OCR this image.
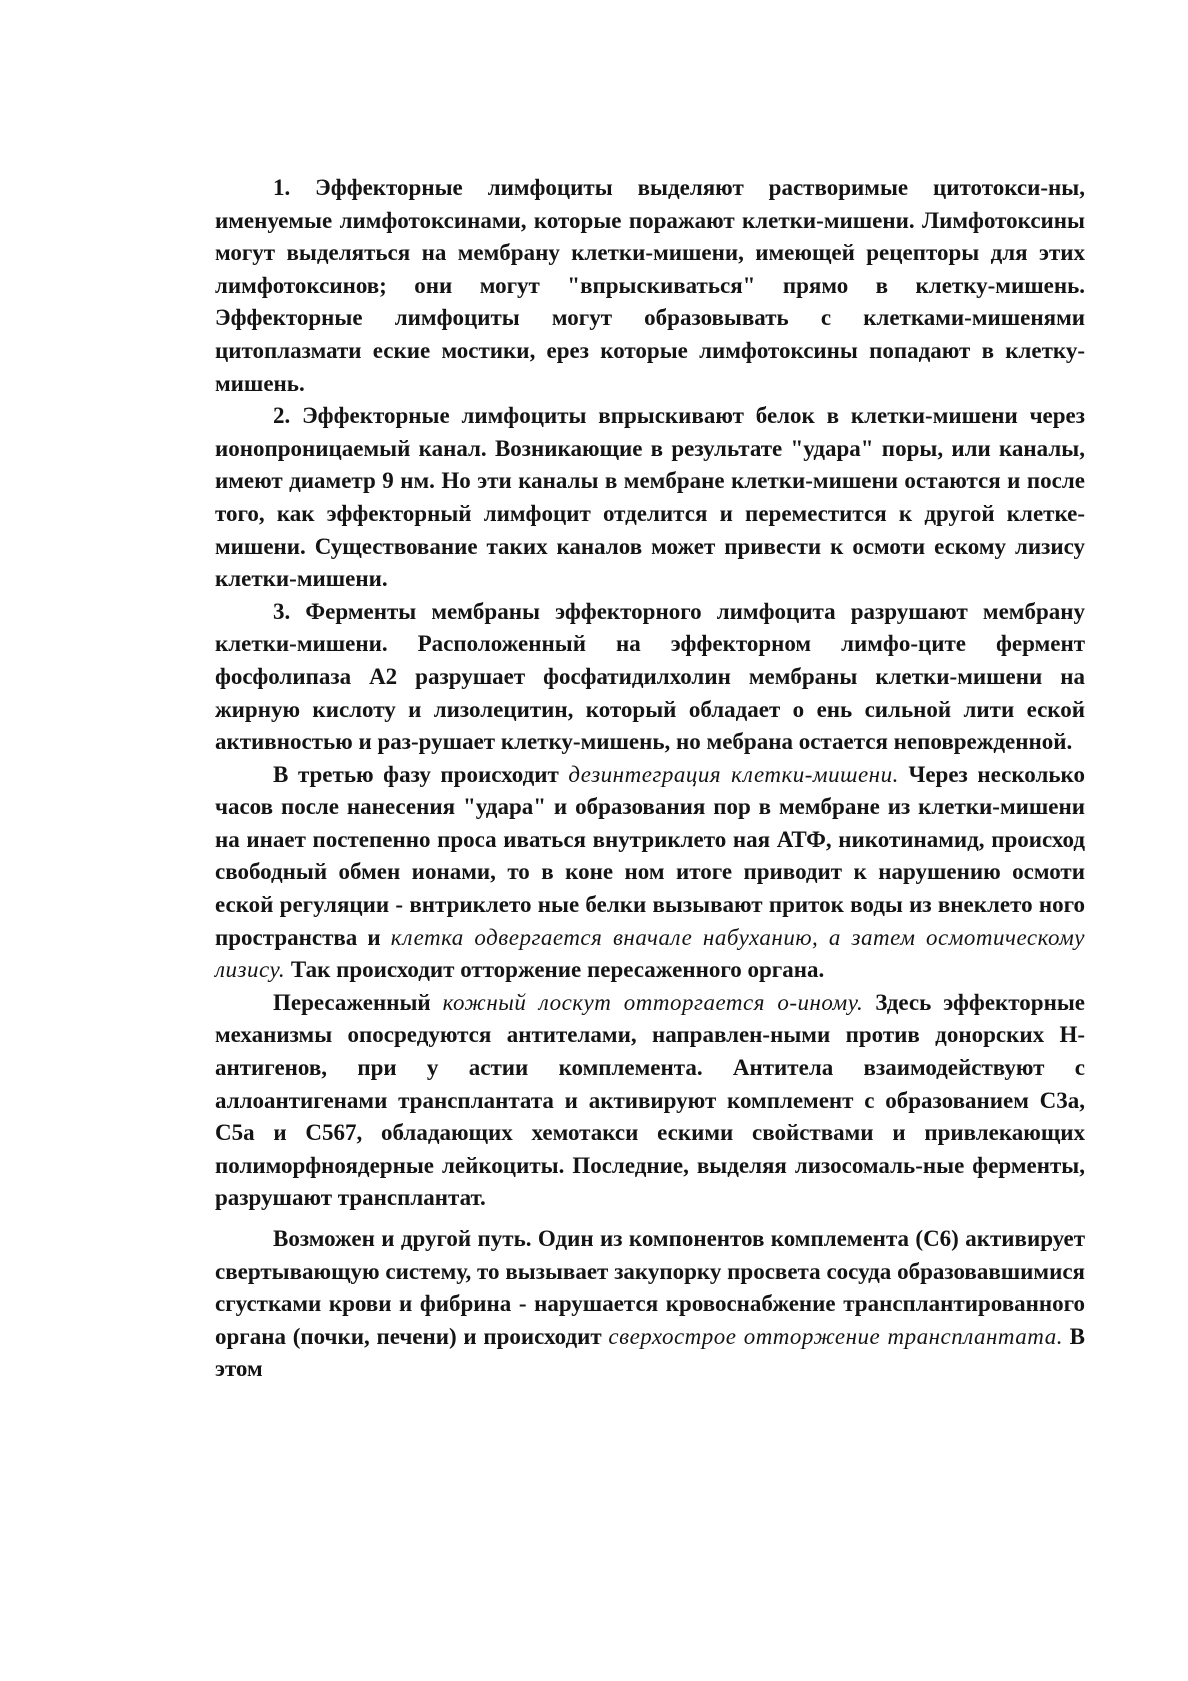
1. Эффекторные лимфоциты выделяют растворимые цитотокси-ны, именуемые лимфотоксинами, которые поражают клетки-мишени. Лимфотоксины могут выделяться на мембрану клетки-мишени, имеющей рецепторы для этих лимфотоксинов; они могут "впрыскиваться" прямо в клетку-мишень. Эффекторные лимфоциты могут образовывать с клетками-мишенями цитоплазмати еские мостики, ерез которые лимфотоксины попадают в клетку-мишень.

2. Эффекторные лимфоциты впрыскивают белок в клетки-мишени через ионопроницаемый канал. Возникающие в результате "удара" поры, или каналы, имеют диаметр 9 нм. Но эти каналы в мембране клетки-мишени остаются и после того, как эффекторный лимфоцит отделится и переместится к другой клетке-мишени. Существование таких каналов может привести к осмоти ескому лизису клетки-мишени.

3. Ферменты мембраны эффекторного лимфоцита разрушают мембрану клетки-мишени. Расположенный на эффекторном лимфо-ците фермент фосфолипаза А2 разрушает фосфатидилхолин мембраны клетки-мишени на жирную кислоту и лизолецитин, который обладает о ень сильной лити еской активностью и раз-рушает клетку-мишень, но мебрана остается неповрежденной.

В третью фазу происходит дезинтеграция клетки-мишени. Через несколько часов после нанесения "удара" и образования пор в мембране из клетки-мишени на инает постепенно проса иваться внутриклето ная АТФ, никотинамид, происход свободный обмен ионами, то в коне ном итоге приводит к нарушению осмоти еской регуляции - внтриклето ные белки вызывают приток воды из внеклето ного пространства и клетка одвергается вначале набуханию, а затем осмотическому лизису. Так происходит отторжение пересаженного органа.

Пересаженный кожный лоскут отторгается о-иному. Здесь эффекторные механизмы опосредуются антителами, направлен-ными против донорских Н-антигенов, при у астии комплемента. Антитела взаимодействуют с аллоантигенами трансплантата и активируют комплемент с образованием С3а, С5а и С567, обладающих хемотакси ескими свойствами и привлекающих полиморфноядерные лейкоциты. Последние, выделяя лизосомаль-ные ферменты, разрушают трансплантат.

Возможен и другой путь. Один из компонентов комплемента (С6) активирует свертывающую систему, то вызывает закупорку просвета сосуда образовавшимися сгустками крови и фибрина - нарушается кровоснабжение трансплантированного органа (почки, печени) и происходит сверхострое отторжение трансплантата. В этом
